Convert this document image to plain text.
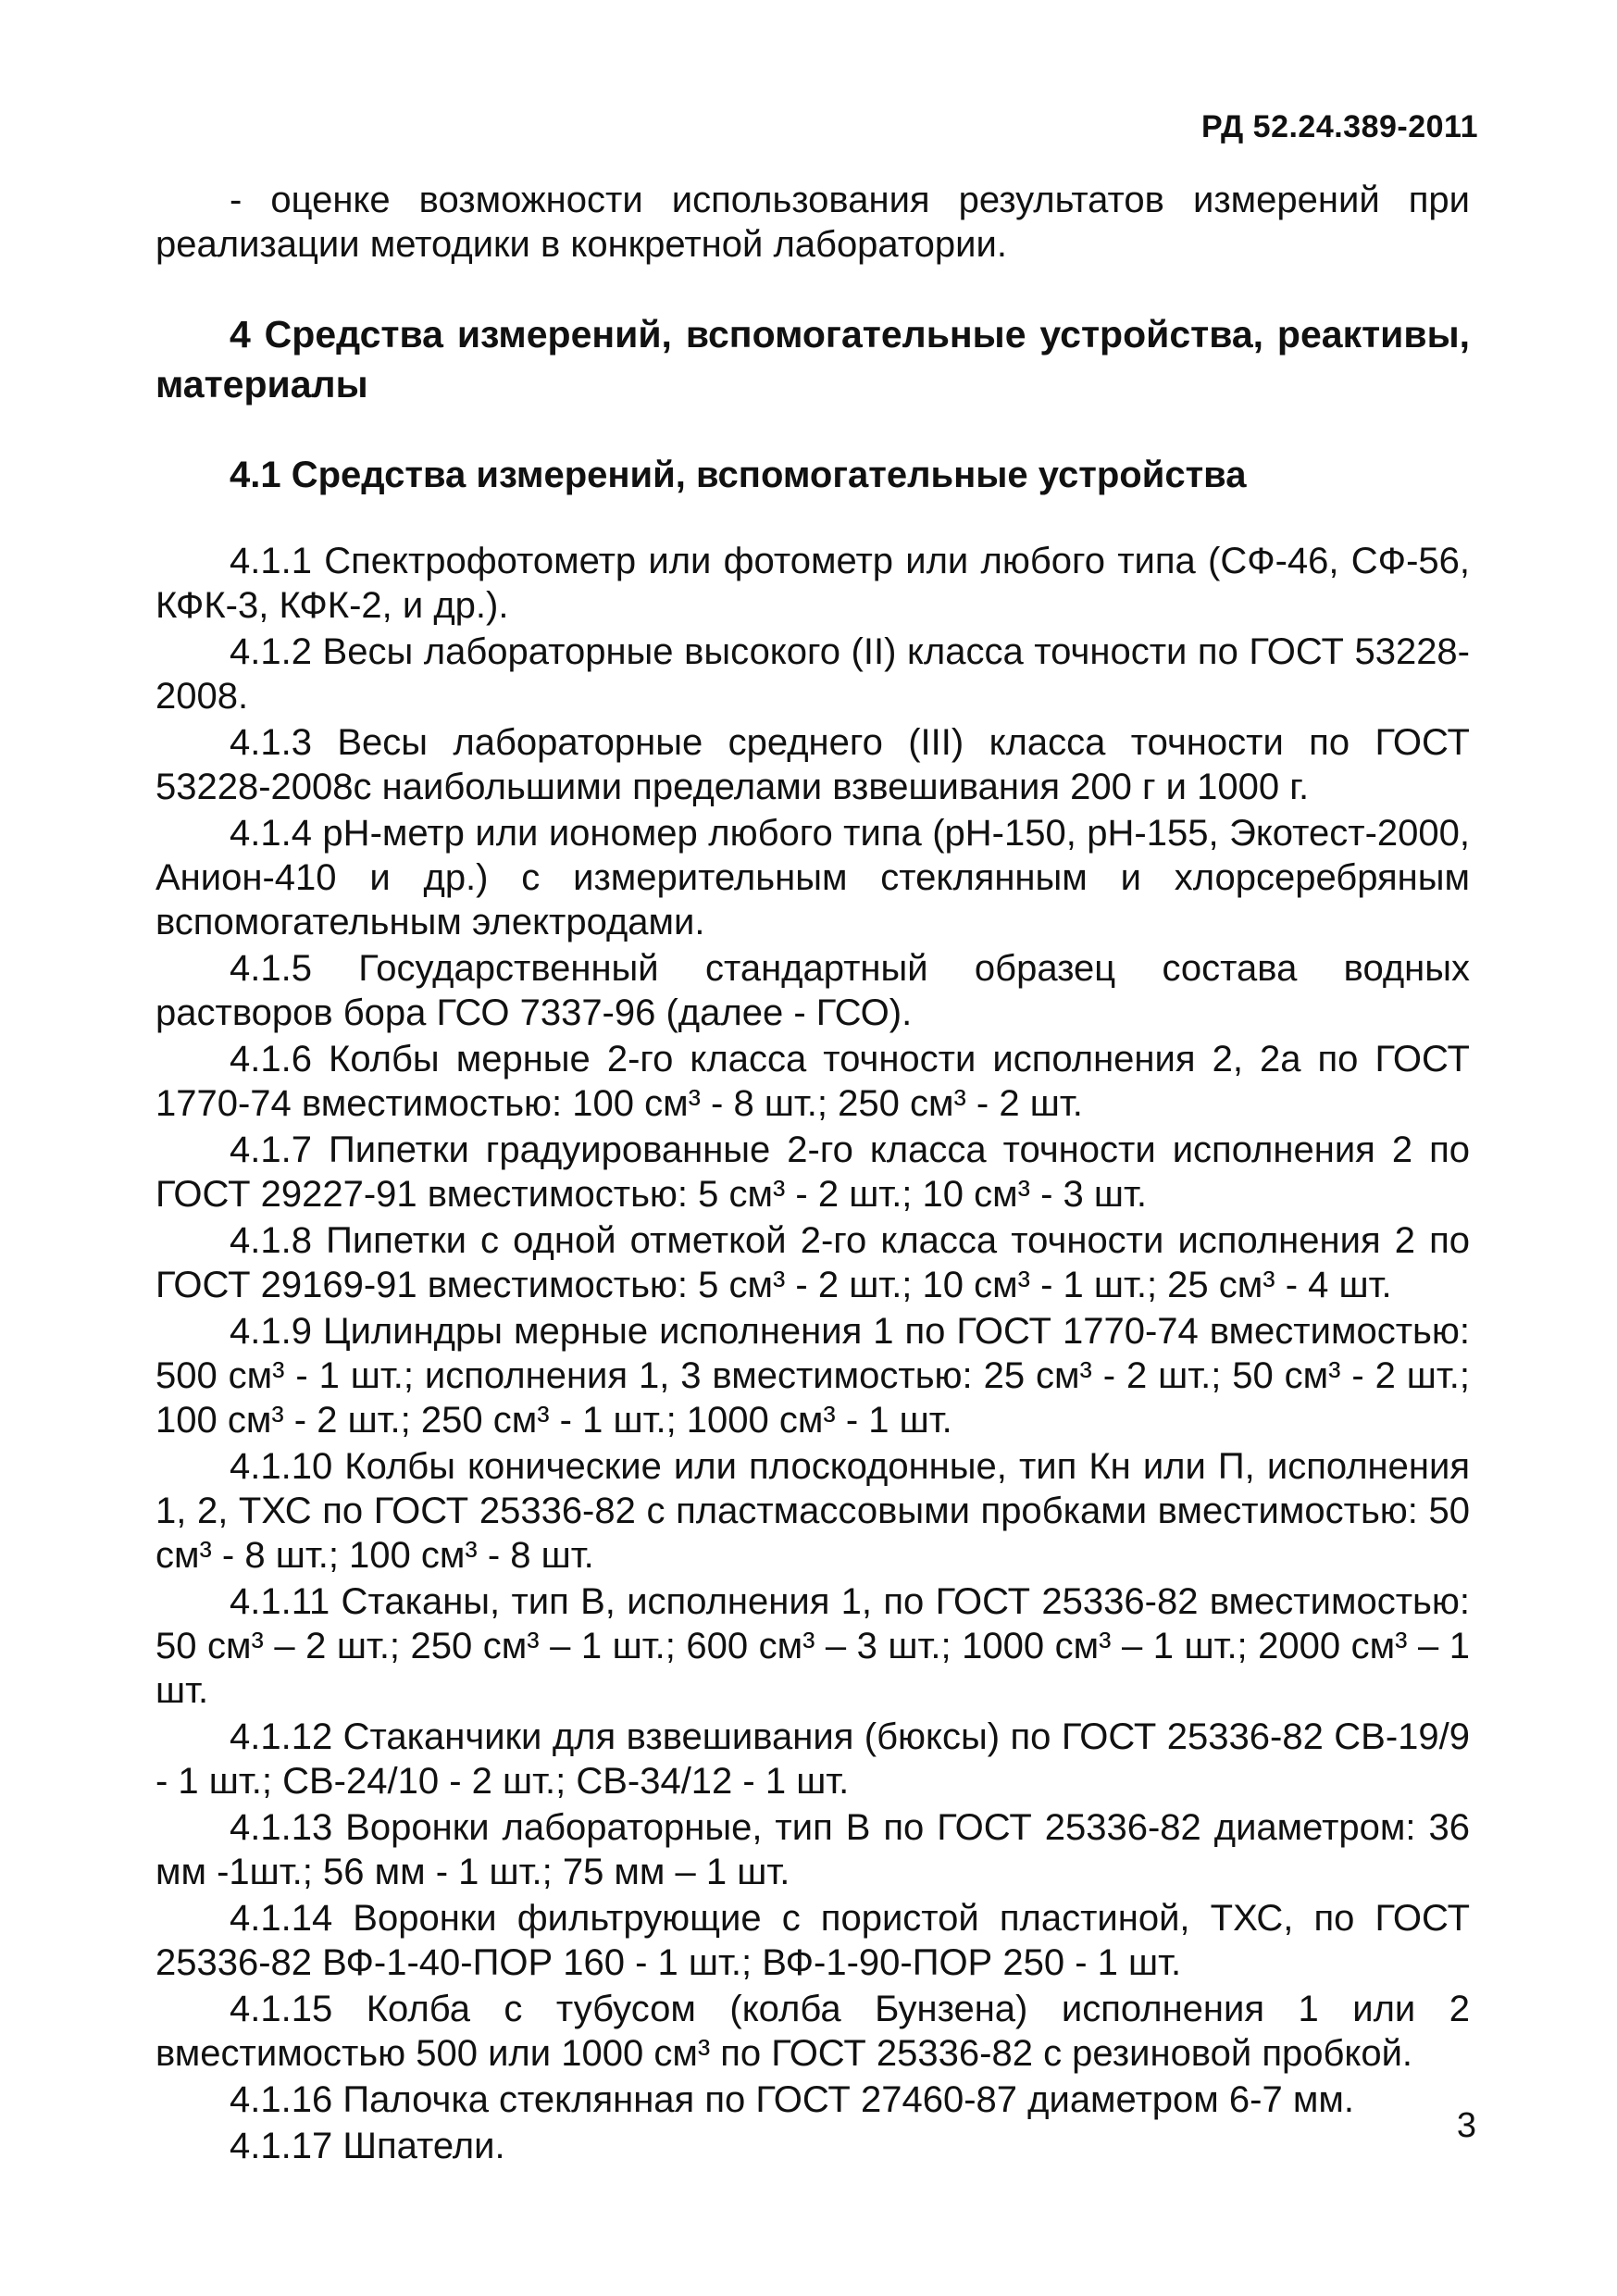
РД 52.24.389-2011

- оценке возможности использования результатов измерений при реализации методики в конкретной лаборатории.

4 Средства измерений, вспомогательные устройства, реактивы, материалы

4.1 Средства измерений, вспомогательные устройства

4.1.1 Спектрофотометр или фотометр или любого типа (СФ-46, СФ-56, КФК-3, КФК-2, и др.).

4.1.2 Весы лабораторные высокого (II) класса точности по ГОСТ 53228-2008.

4.1.3 Весы лабораторные среднего (III) класса точности по ГОСТ 53228-2008с наибольшими пределами взвешивания 200 г и 1000 г.

4.1.4 рН-метр или иономер любого типа (рН-150, рН-155, Экотест-2000, Анион-410 и др.) с измерительным стеклянным и хлорсеребряным вспомогательным электродами.

4.1.5 Государственный стандартный образец состава водных растворов бора ГСО 7337-96 (далее - ГСО).

4.1.6 Колбы мерные 2-го класса точности исполнения 2, 2а по ГОСТ 1770-74 вместимостью: 100 см³ - 8 шт.; 250 см³ - 2 шт.

4.1.7 Пипетки градуированные 2-го класса точности исполнения 2 по ГОСТ 29227-91 вместимостью: 5 см³ - 2 шт.; 10 см³ - 3 шт.

4.1.8 Пипетки с одной отметкой 2-го класса точности исполнения 2 по ГОСТ 29169-91 вместимостью: 5 см³ - 2 шт.; 10 см³ - 1 шт.; 25 см³ - 4 шт.

4.1.9 Цилиндры мерные исполнения 1 по ГОСТ 1770-74 вместимостью: 500 см³ - 1 шт.; исполнения 1, 3 вместимостью: 25 см³ - 2 шт.; 50 см³ - 2 шт.; 100 см³ - 2 шт.; 250 см³ - 1 шт.; 1000 см³ - 1 шт.

4.1.10 Колбы конические или плоскодонные, тип Кн или П, исполнения 1, 2, ТХС по ГОСТ 25336-82 с пластмассовыми пробками вместимостью: 50 см³ - 8 шт.; 100 см³ - 8 шт.

4.1.11 Стаканы, тип В, исполнения 1, по ГОСТ 25336-82 вместимостью: 50 см³ – 2 шт.; 250 см³ – 1 шт.; 600 см³ – 3 шт.; 1000 см³ – 1 шт.; 2000 см³ – 1 шт.

4.1.12 Стаканчики для взвешивания (бюксы) по ГОСТ 25336-82 СВ-19/9 - 1 шт.; СВ-24/10 - 2 шт.; СВ-34/12 - 1 шт.

4.1.13 Воронки лабораторные, тип В по ГОСТ 25336-82 диаметром: 36 мм -1шт.; 56 мм - 1 шт.; 75 мм – 1 шт.

4.1.14 Воронки фильтрующие с пористой пластиной, ТХС, по ГОСТ 25336-82 ВФ-1-40-ПОР 160 - 1 шт.; ВФ-1-90-ПОР 250 - 1 шт.

4.1.15 Колба с тубусом (колба Бунзена) исполнения 1 или 2 вместимостью 500 или 1000 см³ по ГОСТ 25336-82 с резиновой пробкой.

4.1.16 Палочка стеклянная по ГОСТ 27460-87 диаметром 6-7 мм.

4.1.17 Шпатели.	3
